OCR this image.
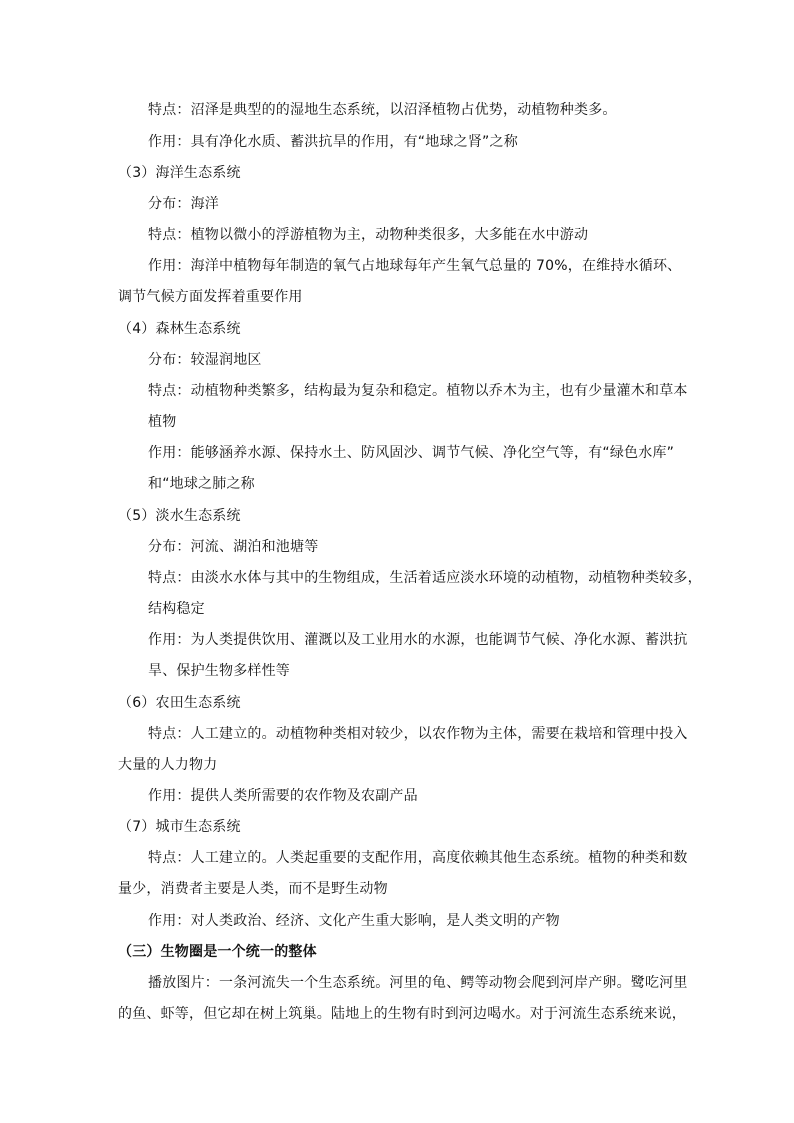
特点：沼泽是典型的的湿地生态系统，以沼泽植物占优势，动植物种类多。
作用：具有净化水质、蓄洪抗旱的作用，有“地球之肾”之称
（3）海洋生态系统
分布：海洋
特点：植物以微小的浮游植物为主，动物种类很多，大多能在水中游动
作用：海洋中植物每年制造的氧气占地球每年产生氧气总量的 70%，在维持水循环、
调节气候方面发挥着重要作用
（4）森林生态系统
分布：较湿润地区
特点：动植物种类繁多，结构最为复杂和稳定。植物以乔木为主，也有少量灌木和草本
植物
作用：能够涵养水源、保持水土、防风固沙、调节气候、净化空气等，有“绿色水库”
和“地球之肺之称
（5）淡水生态系统
分布：河流、湖泊和池塘等
特点：由淡水水体与其中的生物组成，生活着适应淡水环境的动植物，动植物种类较多，
结构稳定
作用：为人类提供饮用、灌溉以及工业用水的水源，也能调节气候、净化水源、蓄洪抗
旱、保护生物多样性等
（6）农田生态系统
特点：人工建立的。动植物种类相对较少，以农作物为主体，需要在栽培和管理中投入
大量的人力物力
作用：提供人类所需要的农作物及农副产品
（7）城市生态系统
特点：人工建立的。人类起重要的支配作用，高度依赖其他生态系统。植物的种类和数
量少，消费者主要是人类，而不是野生动物
作用：对人类政治、经济、文化产生重大影响，是人类文明的产物
（三）生物圈是一个统一的整体
播放图片：一条河流失一个生态系统。河里的龟、鳄等动物会爬到河岸产卵。鹭吃河里
的鱼、虾等，但它却在树上筑巢。陆地上的生物有时到河边喝水。对于河流生态系统来说，
